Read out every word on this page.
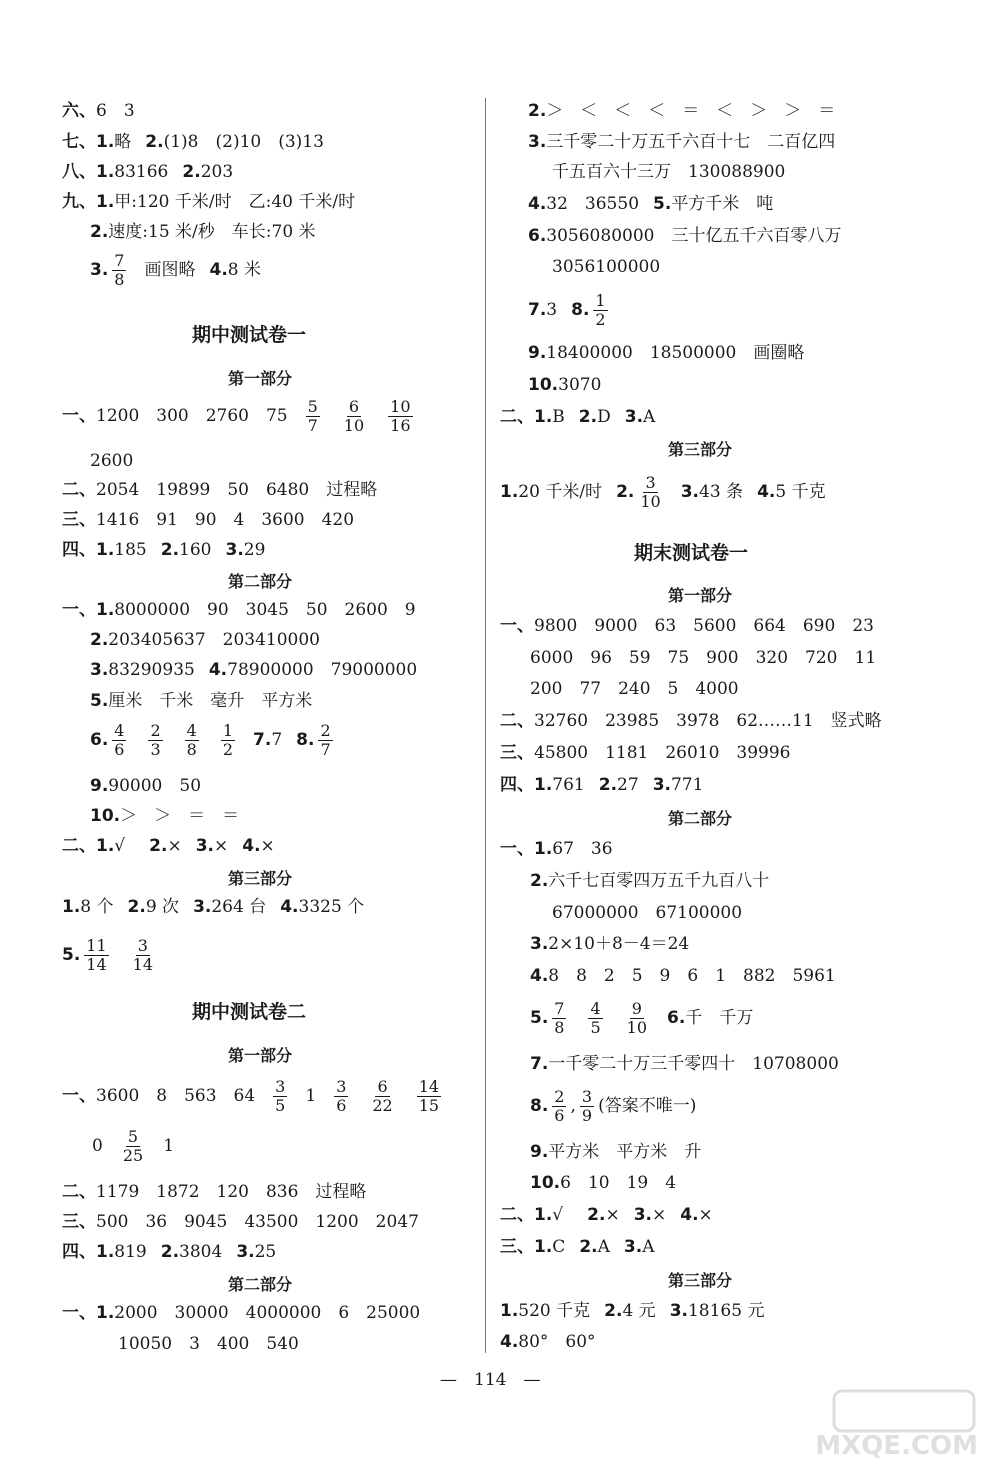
六、6　3
七、1.略 2.(1)8　(2)10　(3)13
八、1.83166 2.203
九、1.甲:120 千米/时　乙:40 千米/时
2.速度:15 米/秒　车长:70 米
3. $\frac{7}{8}$ 画图略 4.8 米
期中测试卷一
第一部分
一、1200　300　2760　$75 \frac{5}{7} \frac{6}{10} \frac{10}{16}$
2600
二、2054　19899　50　6480　过程略
三、1416　91　90　4　3600　420
四、1.185 2.160 3.29
第二部分
一、1.8000000　90　3045　50　2600　9
2.203405637　203410000
3.83290935 4.78900000　79000000
5.厘米　千米　毫升　平方米
6. $\frac{4}{6} \frac{2}{3} \frac{4}{8} \frac{1}{2} 7.7$ 8. $\frac{2}{7}$
9.90000　50
10.＞　＞　＝　＝
二、1.√ 2.× 3.× 4.×
第三部分
1.8 个 2.9 次 3.264 台 4.3325 个
5. $\frac{11}{14} \frac{3}{14}$
期中测试卷二
第一部分
一、3600　8　563　$64 \frac{3}{5} 1 \frac{3}{6} \frac{6}{22} \frac{14}{15}$
$0 \frac{5}{25} 1$
二、1179　1872　120　836　过程略
三、500　36　9045　43500　1200　2047
四、1.819 2.3804 3.25
第二部分
一、1.2000　30000　4000000　6　25000
10050　3　400　540
2.＞　＜　＜　＜　＝　＜　＞　＞　＝
3.三千零二十万五千六百十七　二百亿四
千五百六十三万　130088900
4.32　36550 5.平方千米　吨
6.3056080000　三十亿五千六百零八万
3056100000
7.3 8. $\frac{1}{2}$
9.18400000　18500000　画圈略
10.3070
二、1.B 2.D 3.A
第三部分
1.20 千米/时 2. $\frac{3}{10} 3.43$ 条 4.5 千克
期末测试卷一
第一部分
一、9800　9000　63　5600　664　690　23
6000　96　59　75　900　320　720　11
200　77　240　5　4000
二、32760　23985　3978　62……11　竖式略
三、45800　1181　26010　39996
四、1.761 2.27 3.771
第二部分
一、1.67　36
2.六千七百零四万五千九百八十
67000000　67100000
3.2×10＋8－4＝24
4.8　8　2　5　9　6　1　882　5961
5. $\frac{7}{8} \frac{4}{5} \frac{9}{10} 6$.千　千万
7.一千零二十万三千零四十　10708000
8. $\frac{2}{6}$ , $\frac{3}{9}$ (答案不唯一)
9.平方米　平方米　升
10.6　10　19　4
二、1.√ 2.× 3.× 4.×
三、1.C 2.A 3.A
第三部分
1.520 千克 2.4 元 3.18165 元
4.80°　60°
—　114　—
MXQE.COM
